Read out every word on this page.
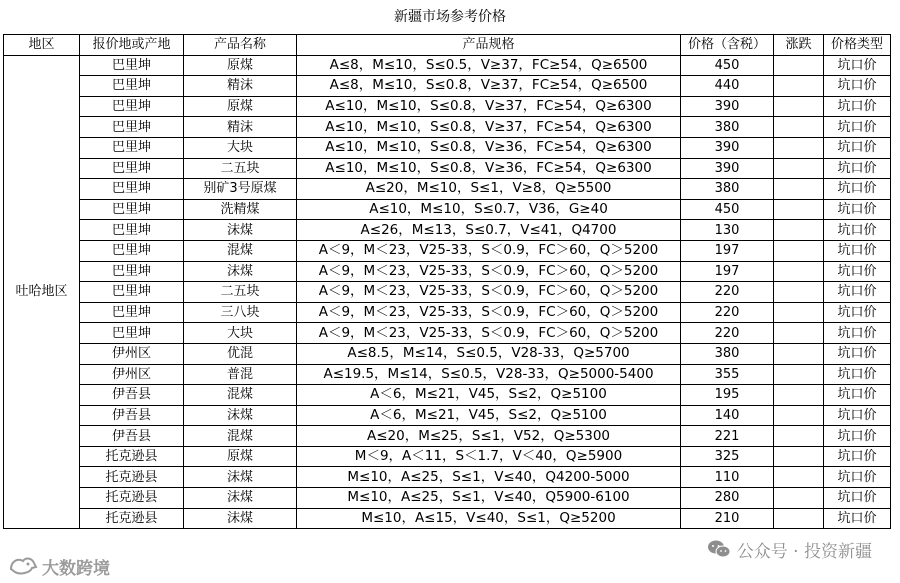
新疆市场参考价格
地区	报价地或产地	产品名称	产品规格	价格（含税）	涨跌	价格类型
吐哈地区	巴里坤	原煤	A≤8，M≤10，S≤0.5，V≥37，FC≥54，Q≥6500	450		坑口价
	巴里坤	精沫	A≤8，M≤10，S≤0.8，V≥37，FC≥54，Q≥6500	440		坑口价
	巴里坤	原煤	A≤10，M≤10，S≤0.8，V≥37，FC≥54，Q≥6300	390		坑口价
	巴里坤	精沫	A≤10，M≤10，S≤0.8，V≥37，FC≥54，Q≥6300	380		坑口价
	巴里坤	大块	A≤10，M≤10，S≤0.8，V≥36，FC≥54，Q≥6300	390		坑口价
	巴里坤	二五块	A≤10，M≤10，S≤0.8，V≥36，FC≥54，Q≥6300	390		坑口价
	巴里坤	别矿3号原煤	A≤20，M≤10，S≤1，V≥8，Q≥5500	380		坑口价
	巴里坤	洗精煤	A≤10，M≤10，S≤0.7，V36，G≥40	450		坑口价
	巴里坤	沫煤	A≤26，M≤13，S≤0.7，V≤41，Q4700	130		坑口价
	巴里坤	混煤	A＜9，M＜23，V25-33，S＜0.9，FC＞60，Q＞5200	197		坑口价
	巴里坤	沫煤	A＜9，M＜23，V25-33，S＜0.9，FC＞60，Q＞5200	197		坑口价
	巴里坤	二五块	A＜9，M＜23，V25-33，S＜0.9，FC＞60，Q＞5200	220		坑口价
	巴里坤	三八块	A＜9，M＜23，V25-33，S＜0.9，FC＞60，Q＞5200	220		坑口价
	巴里坤	大块	A＜9，M＜23，V25-33，S＜0.9，FC＞60，Q＞5200	220		坑口价
	伊州区	优混	A≤8.5，M≤14，S≤0.5，V28-33，Q≥5700	380		坑口价
	伊州区	普混	A≤19.5，M≤14，S≤0.5，V28-33，Q≥5000-5400	355		坑口价
	伊吾县	混煤	A＜6，M≤21，V45，S≤2，Q≥5100	195		坑口价
	伊吾县	沫煤	A＜6，M≤21，V45，S≤2，Q≥5100	140		坑口价
	伊吾县	混煤	A≤20，M≤25，S≤1，V52，Q≥5300	221		坑口价
	托克逊县	原煤	M＜9，A＜11，S＜1.7，V＜40，Q≥5900	325		坑口价
	托克逊县	沫煤	M≤10，A≤25，S≤1，V≤40，Q4200-5000	110		坑口价
	托克逊县	沫煤	M≤10，A≤25，S≤1，V≤40，Q5900-6100	280		坑口价
	托克逊县	沫煤	M≤10，A≤15，V≤40，S≤1，Q≥5200	210		坑口价
大数跨境
公众号 · 投资新疆
